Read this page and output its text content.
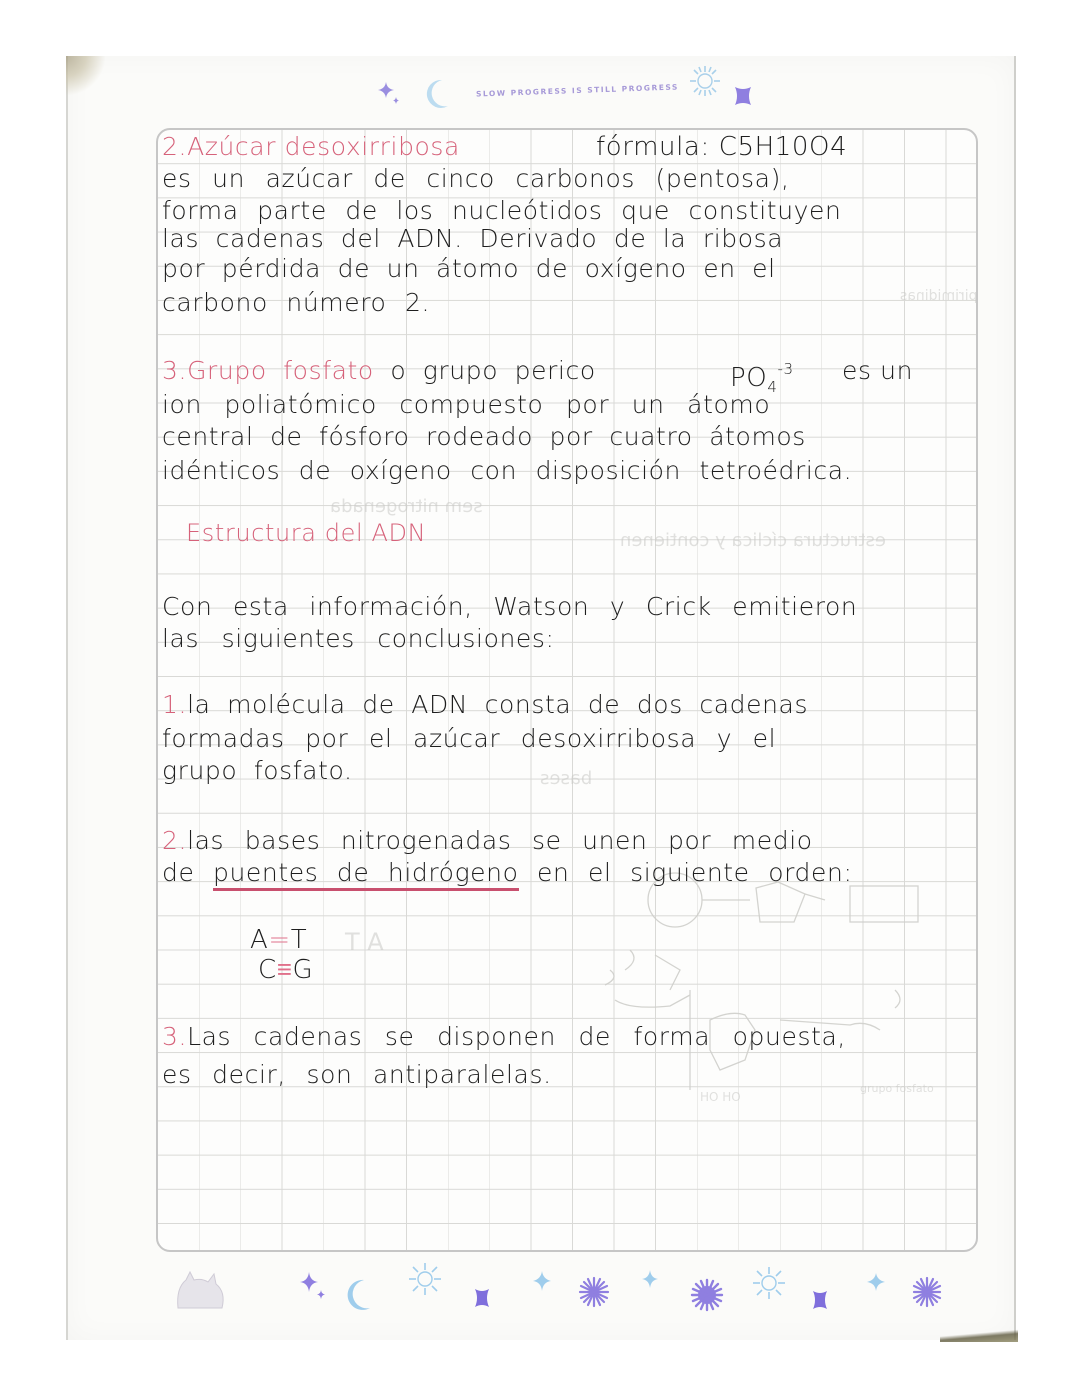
SLOW PROGRESS IS STILL PROGRESS
sem nitrogenada
estructura cíclica y contienen
pirimidinas
bases
T A
HO HO
grupo fosfato
2.Azúcar desoxirribosa	fórmula: C5H10O4
es un azúcar de cinco carbonos (pentosa),
forma parte de los nucleótidos que constituyen
las cadenas del ADN. Derivado de la ribosa
por pérdida de un átomo de oxígeno en el
carbono número 2.
3.Grupo fosfato o grupo perico	$PO_4^{-3}$ es un
ion poliatómico compuesto por un átomo
central de fósforo rodeado por cuatro átomos
idénticos de oxígeno con disposición tetroédrica.
Estructura del ADN
Con esta información, Watson y Crick emitieron
las siguientes conclusiones:
1.la molécula de ADN consta de dos cadenas
formadas por el azúcar desoxirribosa y el
grupo fosfato.
2.las bases nitrogenadas se unen por medio
de puentes de hidrógeno en el siguiente orden:
A=T
C≡G
3.Las cadenas se disponen de forma opuesta,
es decir, son antiparalelas.
